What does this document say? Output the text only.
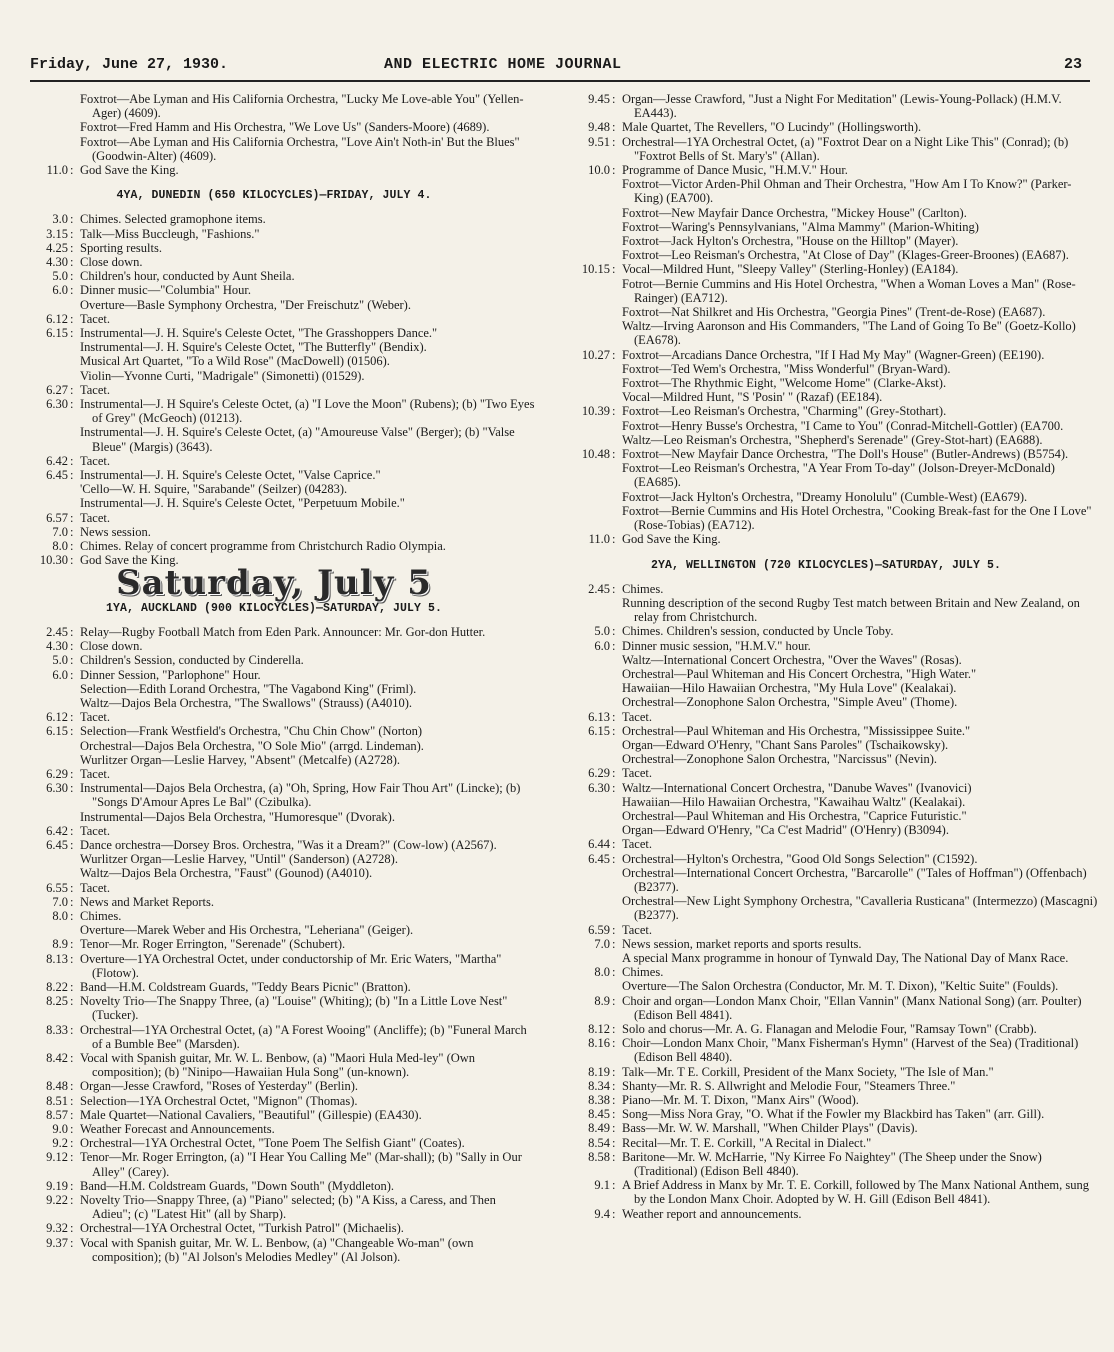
Friday, June 27, 1930.	AND ELECTRIC HOME JOURNAL	23

Foxtrot—Abe Lyman and His California Orchestra, "Lucky Me Love-able You" (Yellen-Ager) (4609).

Foxtrot—Fred Hamm and His Orchestra, "We Love Us" (Sanders-Moore) (4689).

Foxtrot—Abe Lyman and His California Orchestra, "Love Ain't Noth-in' But the Blues" (Goodwin-Alter) (4609).

11.0 : God Save the King.

4YA, DUNEDIN (650 KILOCYCLES)—FRIDAY, JULY 4.

3.0 : Chimes. Selected gramophone items.

3.15 : Talk—Miss Buccleugh, "Fashions."

4.25 : Sporting results.

4.30 : Close down.

5.0 : Children's hour, conducted by Aunt Sheila.

6.0 : Dinner music—"Columbia" Hour.

Overture—Basle Symphony Orchestra, "Der Freischutz" (Weber).

6.12 : Tacet.

6.15 : Instrumental—J. H. Squire's Celeste Octet, "The Grasshoppers Dance."

Instrumental—J. H. Squire's Celeste Octet, "The Butterfly" (Bendix).

Musical Art Quartet, "To a Wild Rose" (MacDowell) (01506).

Violin—Yvonne Curti, "Madrigale" (Simonetti) (01529).

6.27 : Tacet.

6.30 : Instrumental—J. H Squire's Celeste Octet, (a) "I Love the Moon" (Rubens); (b) "Two Eyes of Grey" (McGeoch) (01213).

Instrumental—J. H. Squire's Celeste Octet, (a) "Amoureuse Valse" (Berger); (b) "Valse Bleue" (Margis) (3643).

6.42 : Tacet.

6.45 : Instrumental—J. H. Squire's Celeste Octet, "Valse Caprice."

'Cello—W. H. Squire, "Sarabande" (Seilzer) (04283).

Instrumental—J. H. Squire's Celeste Octet, "Perpetuum Mobile."

6.57 : Tacet.

7.0 : News session.

8.0 : Chimes. Relay of concert programme from Christchurch Radio Olympia.

10.30 : God Save the King.

Saturday, July 5
1YA, AUCKLAND (900 KILOCYCLES)—SATURDAY, JULY 5.

2.45 : Relay—Rugby Football Match from Eden Park. Announcer: Mr. Gor-don Hutter.

4.30 : Close down.

5.0 : Children's Session, conducted by Cinderella.

6.0 : Dinner Session, "Parlophone" Hour.

Selection—Edith Lorand Orchestra, "The Vagabond King" (Friml).

Waltz—Dajos Bela Orchestra, "The Swallows" (Strauss) (A4010).

6.12 : Tacet.

6.15 : Selection—Frank Westfield's Orchestra, "Chu Chin Chow" (Norton)

Orchestral—Dajos Bela Orchestra, "O Sole Mio" (arrgd. Lindeman).

Wurlitzer Organ—Leslie Harvey, "Absent" (Metcalfe) (A2728).

6.29 : Tacet.

6.30 : Instrumental—Dajos Bela Orchestra, (a) "Oh, Spring, How Fair Thou Art" (Lincke); (b) "Songs D'Amour Apres Le Bal" (Czibulka).

Instrumental—Dajos Bela Orchestra, "Humoresque" (Dvorak).

6.42 : Tacet.

6.45 : Dance orchestra—Dorsey Bros. Orchestra, "Was it a Dream?" (Cow-low) (A2567).

Wurlitzer Organ—Leslie Harvey, "Until" (Sanderson) (A2728).

Waltz—Dajos Bela Orchestra, "Faust" (Gounod) (A4010).

6.55 : Tacet.

7.0 : News and Market Reports.

8.0 : Chimes.

Overture—Marek Weber and His Orchestra, "Leheriana" (Geiger).

8.9 : Tenor—Mr. Roger Errington, "Serenade" (Schubert).

8.13 : Overture—1YA Orchestral Octet, under conductorship of Mr. Eric Waters, "Martha" (Flotow).

8.22 : Band—H.M. Coldstream Guards, "Teddy Bears Picnic" (Bratton).

8.25 : Novelty Trio—The Snappy Three, (a) "Louise" (Whiting); (b) "In a Little Love Nest" (Tucker).

8.33 : Orchestral—1YA Orchestral Octet, (a) "A Forest Wooing" (Ancliffe); (b) "Funeral March of a Bumble Bee" (Marsden).

8.42 : Vocal with Spanish guitar, Mr. W. L. Benbow, (a) "Maori Hula Med-ley" (Own composition); (b) "Ninipo—Hawaiian Hula Song" (un-known).

8.48 : Organ—Jesse Crawford, "Roses of Yesterday" (Berlin).

8.51 : Selection—1YA Orchestral Octet, "Mignon" (Thomas).

8.57 : Male Quartet—National Cavaliers, "Beautiful" (Gillespie) (EA430).

9.0 : Weather Forecast and Announcements.

9.2 : Orchestral—1YA Orchestral Octet, "Tone Poem The Selfish Giant" (Coates).

9.12 : Tenor—Mr. Roger Errington, (a) "I Hear You Calling Me" (Mar-shall); (b) "Sally in Our Alley" (Carey).

9.19 : Band—H.M. Coldstream Guards, "Down South" (Myddleton).

9.22 : Novelty Trio—Snappy Three, (a) "Piano" selected; (b) "A Kiss, a Caress, and Then Adieu"; (c) "Latest Hit" (all by Sharp).

9.32 : Orchestral—1YA Orchestral Octet, "Turkish Patrol" (Michaelis).

9.37 : Vocal with Spanish guitar, Mr. W. L. Benbow, (a) "Changeable Wo-man" (own composition); (b) "Al Jolson's Melodies Medley" (Al Jolson).

9.45 : Organ—Jesse Crawford, "Just a Night For Meditation" (Lewis-Young-Pollack) (H.M.V. EA443).

9.48 : Male Quartet, The Revellers, "O Lucindy" (Hollingsworth).

9.51 : Orchestral—1YA Orchestral Octet, (a) "Foxtrot Dear on a Night Like This" (Conrad); (b) "Foxtrot Bells of St. Mary's" (Allan).

10.0 : Programme of Dance Music, "H.M.V." Hour.

Foxtrot—Victor Arden-Phil Ohman and Their Orchestra, "How Am I To Know?" (Parker-King) (EA700).

Foxtrot—New Mayfair Dance Orchestra, "Mickey House" (Carlton).

Foxtrot—Waring's Pennsylvanians, "Alma Mammy" (Marion-Whiting)

Foxtrot—Jack Hylton's Orchestra, "House on the Hilltop" (Mayer).

Foxtrot—Leo Reisman's Orchestra, "At Close of Day" (Klages-Greer-Broones) (EA687).

10.15 : Vocal—Mildred Hunt, "Sleepy Valley" (Sterling-Honley) (EA184).

Fotrot—Bernie Cummins and His Hotel Orchestra, "When a Woman Loves a Man" (Rose-Rainger) (EA712).

Foxtrot—Nat Shilkret and His Orchestra, "Georgia Pines" (Trent-de-Rose) (EA687).

Waltz—Irving Aaronson and His Commanders, "The Land of Going To Be" (Goetz-Kollo) (EA678).

10.27 : Foxtrot—Arcadians Dance Orchestra, "If I Had My May" (Wagner-Green) (EE190).

Foxtrot—Ted Wem's Orchestra, "Miss Wonderful" (Bryan-Ward).

Foxtrot—The Rhythmic Eight, "Welcome Home" (Clarke-Akst).

Vocal—Mildred Hunt, "S 'Posin' " (Razaf) (EE184).

10.39 : Foxtrot—Leo Reisman's Orchestra, "Charming" (Grey-Stothart).

Foxtrot—Henry Busse's Orchestra, "I Came to You" (Conrad-Mitchell-Gottler) (EA700.

Waltz—Leo Reisman's Orchestra, "Shepherd's Serenade" (Grey-Stot-hart) (EA688).

10.48 : Foxtrot—New Mayfair Dance Orchestra, "The Doll's House" (Butler-Andrews) (B5754).

Foxtrot—Leo Reisman's Orchestra, "A Year From To-day" (Jolson-Dreyer-McDonald) (EA685).

Foxtrot—Jack Hylton's Orchestra, "Dreamy Honolulu" (Cumble-West) (EA679).

Foxtrot—Bernie Cummins and His Hotel Orchestra, "Cooking Break-fast for the One I Love" (Rose-Tobias) (EA712).

11.0 : God Save the King.

2YA, WELLINGTON (720 KILOCYCLES)—SATURDAY, JULY 5.

2.45 : Chimes.

Running description of the second Rugby Test match between Britain and New Zealand, on relay from Christchurch.

5.0 : Chimes. Children's session, conducted by Uncle Toby.

6.0 : Dinner music session, "H.M.V." hour.

Waltz—International Concert Orchestra, "Over the Waves" (Rosas).

Orchestral—Paul Whiteman and His Concert Orchestra, "High Water."

Hawaiian—Hilo Hawaiian Orchestra, "My Hula Love" (Kealakai).

Orchestral—Zonophone Salon Orchestra, "Simple Aveu" (Thome).

6.13 : Tacet.

6.15 : Orchestral—Paul Whiteman and His Orchestra, "Mississippee Suite."

Organ—Edward O'Henry, "Chant Sans Paroles" (Tschaikowsky).

Orchestral—Zonophone Salon Orchestra, "Narcissus" (Nevin).

6.29 : Tacet.

6.30 : Waltz—International Concert Orchestra, "Danube Waves" (Ivanovici)

Hawaiian—Hilo Hawaiian Orchestra, "Kawaihau Waltz" (Kealakai).

Orchestral—Paul Whiteman and His Orchestra, "Caprice Futuristic."

Organ—Edward O'Henry, "Ca C'est Madrid" (O'Henry) (B3094).

6.44 : Tacet.

6.45 : Orchestral—Hylton's Orchestra, "Good Old Songs Selection" (C1592).

Orchestral—International Concert Orchestra, "Barcarolle" ("Tales of Hoffman") (Offenbach) (B2377).

Orchestral—New Light Symphony Orchestra, "Cavalleria Rusticana" (Intermezzo) (Mascagni) (B2377).

6.59 : Tacet.

7.0 : News session, market reports and sports results.

A special Manx programme in honour of Tynwald Day, The National Day of Manx Race.

8.0 : Chimes.

Overture—The Salon Orchestra (Conductor, Mr. M. T. Dixon), "Keltic Suite" (Foulds).

8.9 : Choir and organ—London Manx Choir, "Ellan Vannin" (Manx National Song) (arr. Poulter) (Edison Bell 4841).

8.12 : Solo and chorus—Mr. A. G. Flanagan and Melodie Four, "Ramsay Town" (Crabb).

8.16 : Choir—London Manx Choir, "Manx Fisherman's Hymn" (Harvest of the Sea) (Traditional) (Edison Bell 4840).

8.19 : Talk—Mr. T E. Corkill, President of the Manx Society, "The Isle of Man."

8.34 : Shanty—Mr. R. S. Allwright and Melodie Four, "Steamers Three."

8.38 : Piano—Mr. M. T. Dixon, "Manx Airs" (Wood).

8.45 : Song—Miss Nora Gray, "O. What if the Fowler my Blackbird has Taken" (arr. Gill).

8.49 : Bass—Mr. W. W. Marshall, "When Childer Plays" (Davis).

8.54 : Recital—Mr. T. E. Corkill, "A Recital in Dialect."

8.58 : Baritone—Mr. W. McHarrie, "Ny Kirree Fo Naightey" (The Sheep under the Snow) (Traditional) (Edison Bell 4840).

9.1 : A Brief Address in Manx by Mr. T. E. Corkill, followed by The Manx National Anthem, sung by the London Manx Choir. Adopted by W. H. Gill (Edison Bell 4841).

9.4 : Weather report and announcements.
